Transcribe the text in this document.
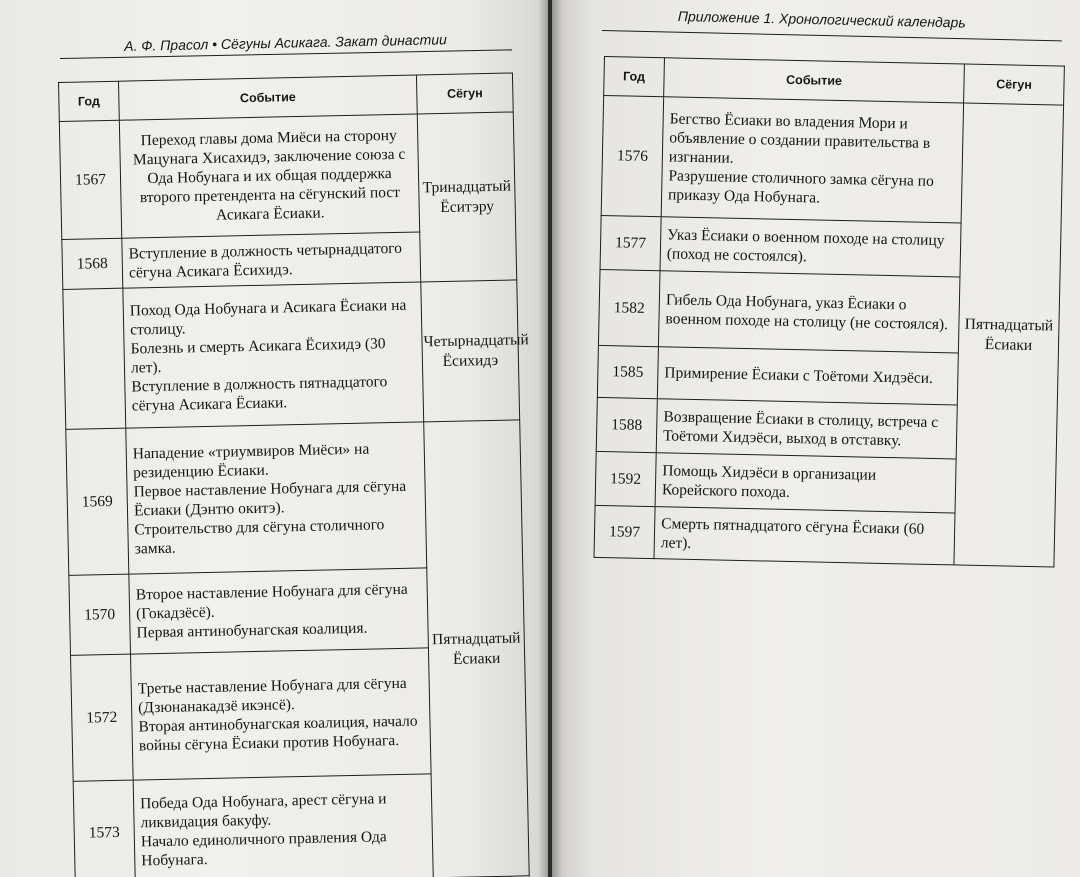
А. Ф. Прасол • Сёгуны Асикага. Закат династии
Год	Событие	Сёгун
1567	Переход главы дома Миёси на сторону Мацунага Хисахидэ, заключение союза с Ода Нобунага и их общая поддержка второго претендента на сёгунский пост Асикага Ёсиаки.	Тринадцатый Ёситэру
1568	Вступление в должность четырнадцатого сёгуна Асикага Ёсихидэ.	

	Поход Ода Нобунага и Асикага Ёсиаки на столицу.
Болезнь и смерть Асикага Ёсихидэ (30 лет).
Вступление в должность пятнадцатого сёгуна Асикага Ёсиаки.	Четырнадцатый Ёсихидэ
1569	Нападение «триумвиров Миёси» на резиденцию Ёсиаки.
Первое наставление Нобунага для сёгуна Ёсиаки (Дэнтю окитэ).
Строительство для сёгуна столичного замка.	Пятнадцатый Ёсиаки
1570	Второе наставление Нобунага для сёгуна (Гокадзёсё).
Первая антинобунагская коалиция.	

1572	Третье наставление Нобунага для сёгуна (Дзюнанакадзё икэнсё).
Вторая антинобунагская коалиция, начало войны сёгуна Ёсиаки против Нобунага.	

1573	Победа Ода Нобунага, арест сёгуна и ликвидация бакуфу.
Начало единоличного правления Ода Нобунага.	
Приложение 1. Хронологический календарь
Год	Событие	Сёгун
1576	Бегство Ёсиаки во владения Мори и объявление о создании правительства в изгнании.
Разрушение столичного замка сёгуна по приказу Ода Нобунага.	Пятнадцатый Ёсиаки
1577	Указ Ёсиаки о военном походе на столицу (поход не состоялся).	

1582	Гибель Ода Нобунага, указ Ёсиаки о военном походе на столицу (не состоялся).	

1585	Примирение Ёсиаки с Тоётоми Хидэёси.	

1588	Возвращение Ёсиаки в столицу, встреча с Тоётоми Хидэёси, выход в отставку.	

1592	Помощь Хидэёси в организации Корейского похода.	

1597	Смерть пятнадцатого сёгуна Ёсиаки (60 лет).	
